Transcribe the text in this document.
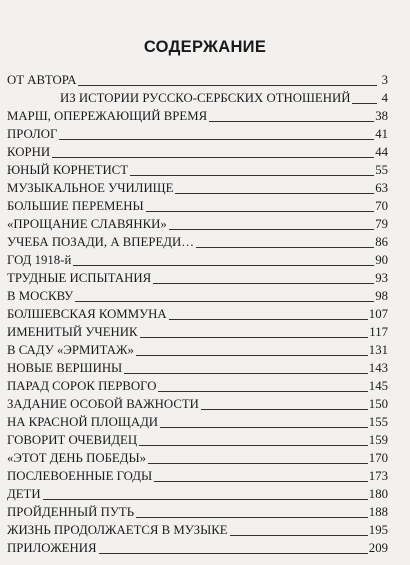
СОДЕРЖАНИЕ
ОТ АВТОРА	3
ИЗ ИСТОРИИ РУССКО-СЕРБСКИХ ОТНОШЕНИЙ 4
МАРШ, ОПЕРЕЖАЮЩИЙ ВРЕМЯ	38
ПРОЛОГ	41
КОРНИ	44
ЮНЫЙ КОРНЕТИСТ	55
МУЗЫКАЛЬНОЕ УЧИЛИЩЕ	63
БОЛЬШИЕ ПЕРЕМЕНЫ	70
«ПРОЩАНИЕ СЛАВЯНКИ»	79
УЧЕБА ПОЗАДИ, А ВПЕРЕДИ…	86
ГОД 1918-й	90
ТРУДНЫЕ ИСПЫТАНИЯ	93
В МОСКВУ	98
БОЛШЕВСКАЯ КОММУНА	107
ИМЕНИТЫЙ УЧЕНИК	117
В САДУ «ЭРМИТАЖ»	131
НОВЫЕ ВЕРШИНЫ	143
ПАРАД СОРОК ПЕРВОГО	145
ЗАДАНИЕ ОСОБОЙ ВАЖНОСТИ	150
НА КРАСНОЙ ПЛОЩАДИ	155
ГОВОРИТ ОЧЕВИДЕЦ	159
«ЭТОТ ДЕНЬ ПОБЕДЫ»	170
ПОСЛЕВОЕННЫЕ ГОДЫ	173
ДЕТИ	180
ПРОЙДЕННЫЙ ПУТЬ	188
ЖИЗНЬ ПРОДОЛЖАЕТСЯ В МУЗЫКЕ	195
ПРИЛОЖЕНИЯ	209
